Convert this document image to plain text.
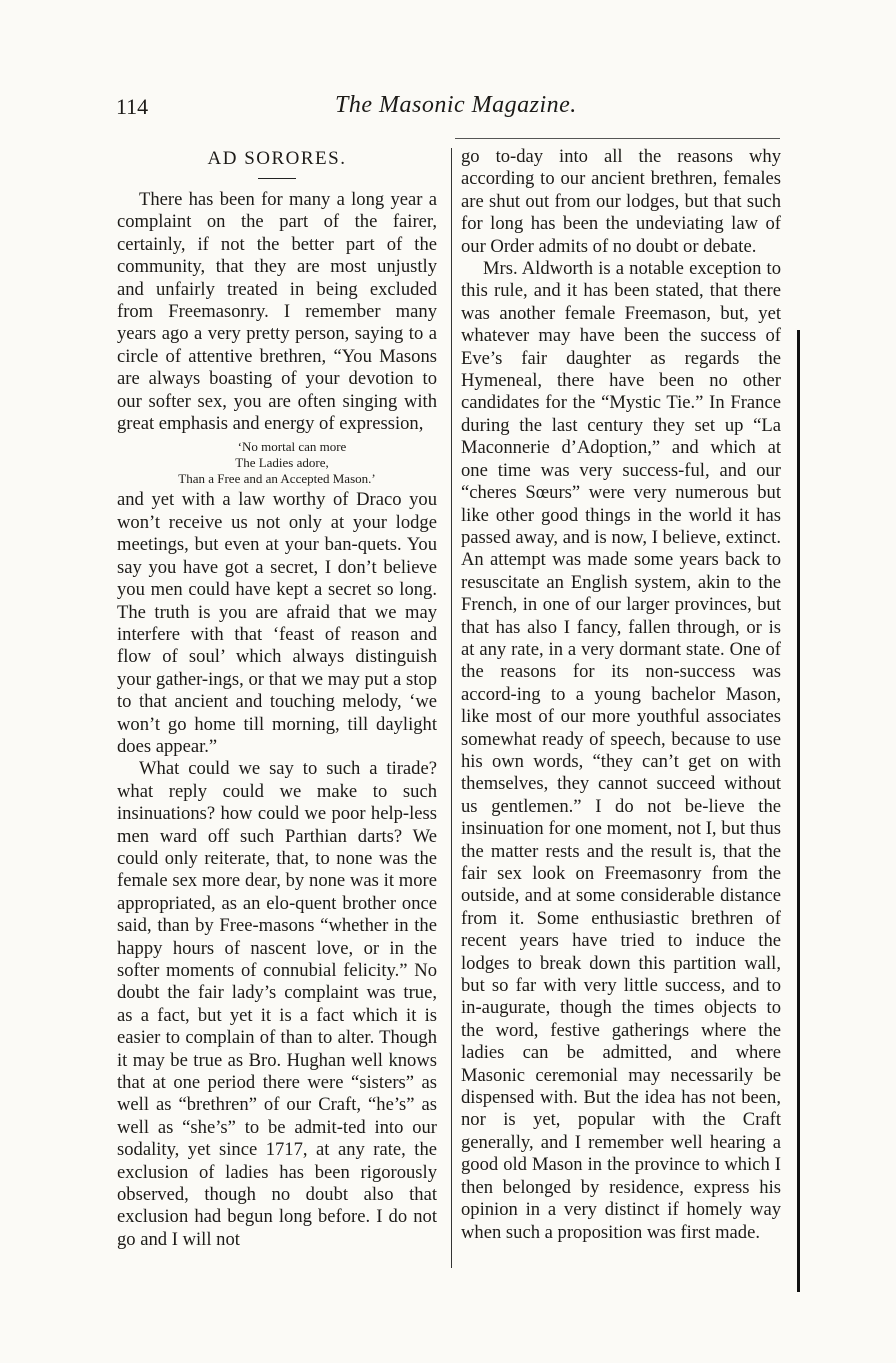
114	The Masonic Magazine.
AD SORORES.

There has been for many a long year a complaint on the part of the fairer, certainly, if not the better part of the community, that they are most unjustly and unfairly treated in being excluded from Freemasonry. I remember many years ago a very pretty person, saying to a circle of attentive brethren, “You Masons are always boasting of your devotion to our softer sex, you are often singing with great emphasis and energy of expression,

‘No mortal can more
The Ladies adore,
Than a Free and an Accepted Mason.’

and yet with a law worthy of Draco you won’t receive us not only at your lodge meetings, but even at your ban-quets. You say you have got a secret, I don’t believe you men could have kept a secret so long. The truth is you are afraid that we may interfere with that ‘feast of reason and flow of soul’ which always distinguish your gather-ings, or that we may put a stop to that ancient and touching melody, ‘we won’t go home till morning, till daylight does appear.”

What could we say to such a tirade? what reply could we make to such insinuations? how could we poor help-less men ward off such Parthian darts? We could only reiterate, that, to none was the female sex more dear, by none was it more appropriated, as an elo-quent brother once said, than by Free-masons “whether in the happy hours of nascent love, or in the softer moments of connubial felicity.” No doubt the fair lady’s complaint was true, as a fact, but yet it is a fact which it is easier to complain of than to alter. Though it may be true as Bro. Hughan well knows that at one period there were “sisters” as well as “brethren” of our Craft, “he’s” as well as “she’s” to be admit-ted into our sodality, yet since 1717, at any rate, the exclusion of ladies has been rigorously observed, though no doubt also that exclusion had begun long before. I do not go and I will not

go to-day into all the reasons why according to our ancient brethren, females are shut out from our lodges, but that such for long has been the undeviating law of our Order admits of no doubt or debate.

Mrs. Aldworth is a notable exception to this rule, and it has been stated, that there was another female Freemason, but, yet whatever may have been the success of Eve’s fair daughter as regards the Hymeneal, there have been no other candidates for the “Mystic Tie.” In France during the last century they set up “La Maconnerie d’Adoption,” and which at one time was very success-ful, and our “cheres Sœurs” were very numerous but like other good things in the world it has passed away, and is now, I believe, extinct. An attempt was made some years back to resuscitate an English system, akin to the French, in one of our larger provinces, but that has also I fancy, fallen through, or is at any rate, in a very dormant state. One of the reasons for its non-success was accord-ing to a young bachelor Mason, like most of our more youthful associates somewhat ready of speech, because to use his own words, “they can’t get on with themselves, they cannot succeed without us gentlemen.” I do not be-lieve the insinuation for one moment, not I, but thus the matter rests and the result is, that the fair sex look on Freemasonry from the outside, and at some considerable distance from it. Some enthusiastic brethren of recent years have tried to induce the lodges to break down this partition wall, but so far with very little success, and to in-augurate, though the times objects to the word, festive gatherings where the ladies can be admitted, and where Masonic ceremonial may necessarily be dispensed with. But the idea has not been, nor is yet, popular with the Craft generally, and I remember well hearing a good old Mason in the province to which I then belonged by residence, express his opinion in a very distinct if homely way when such a proposition was first made.
